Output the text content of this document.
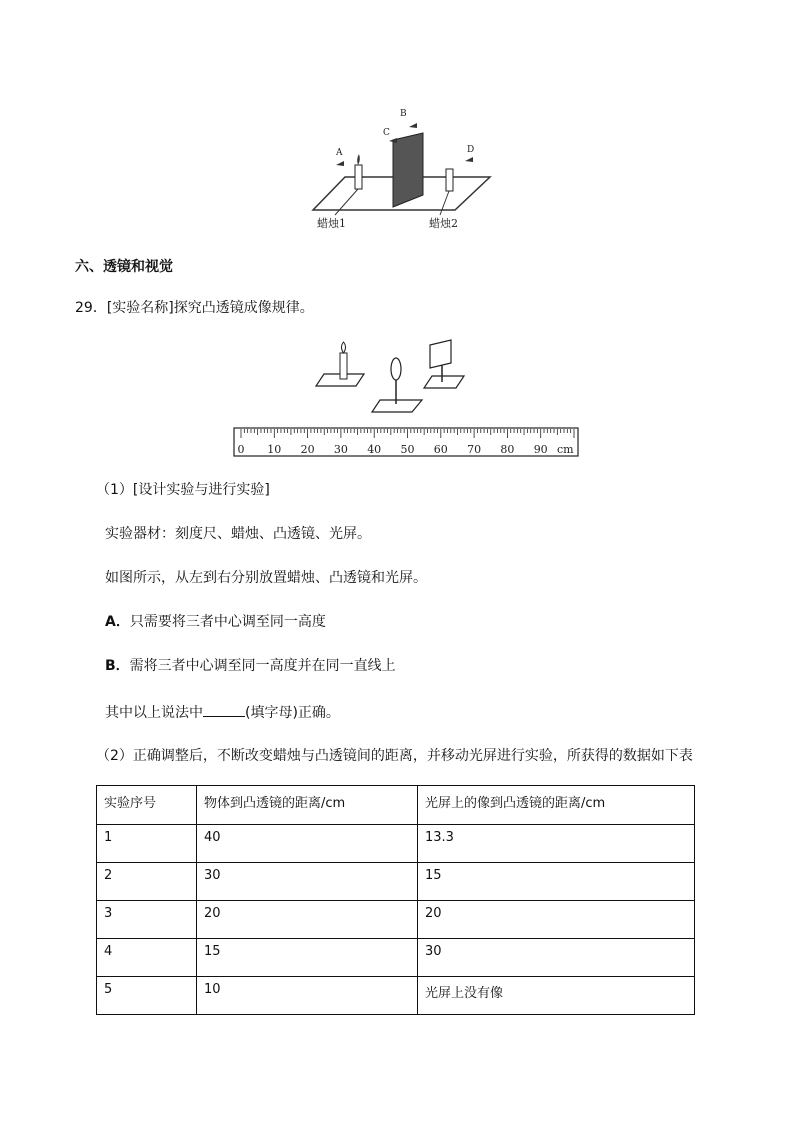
A
B
C
D
蜡烛1	蜡烛2
六、透镜和视觉
29．[实验名称]探究凸透镜成像规律。
0 10 20 30 40 50 60 70 80 90 cm
（1）[设计实验与进行实验]
实验器材：刻度尺、蜡烛、凸透镜、光屏。
如图所示，从左到右分别放置蜡烛、凸透镜和光屏。
A．只需要将三者中心调至同一高度
B．需将三者中心调至同一高度并在同一直线上
其中以上说法中	(填字母)正确。
（2）正确调整后，不断改变蜡烛与凸透镜间的距离，并移动光屏进行实验，所获得的数据如下表
实验序号	物体到凸透镜的距离/cm	光屏上的像到凸透镜的距离/cm
1	40	13.3
2	30	15
3	20	20
4	15	30
5	10	光屏上没有像
